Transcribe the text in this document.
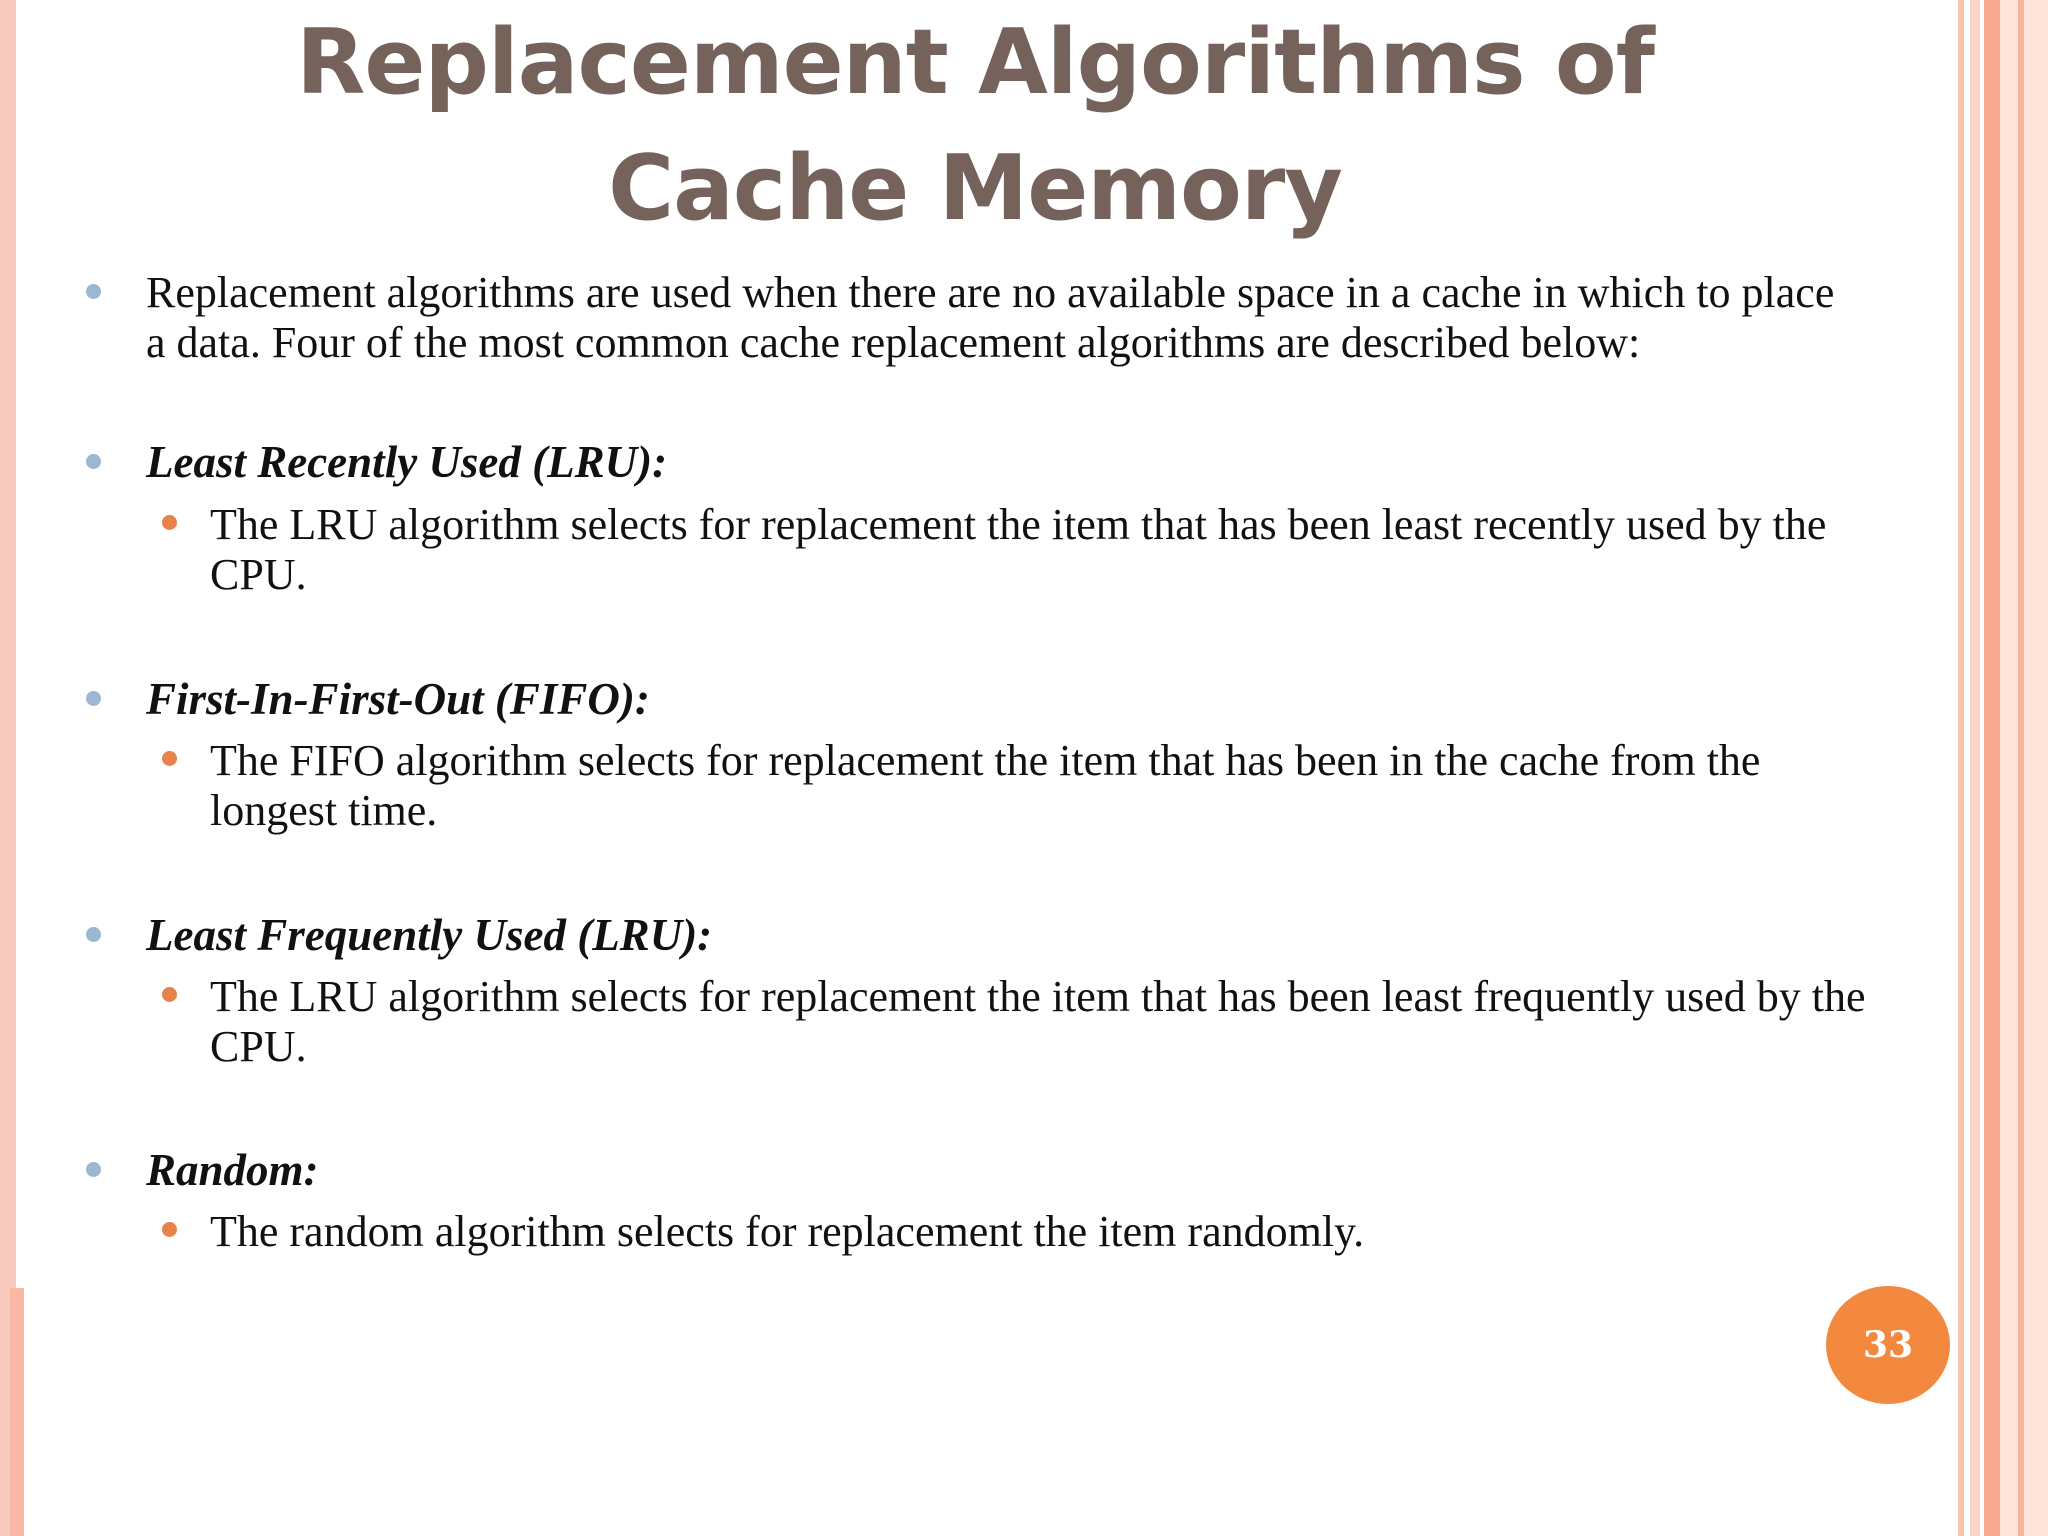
Replacement Algorithms of Cache Memory

Replacement algorithms are used when there are no available space in a cache in which to place a data. Four of the most common cache replacement algorithms are described below:

Least Recently Used (LRU):

The LRU algorithm selects for replacement the item that has been least recently used by the CPU.

First-In-First-Out (FIFO):

The FIFO algorithm selects for replacement the item that has been in the cache from the longest time.

Least Frequently Used (LRU):

The LRU algorithm selects for replacement the item that has been least frequently used by the CPU.

Random:

The random algorithm selects for replacement the item randomly.

33
